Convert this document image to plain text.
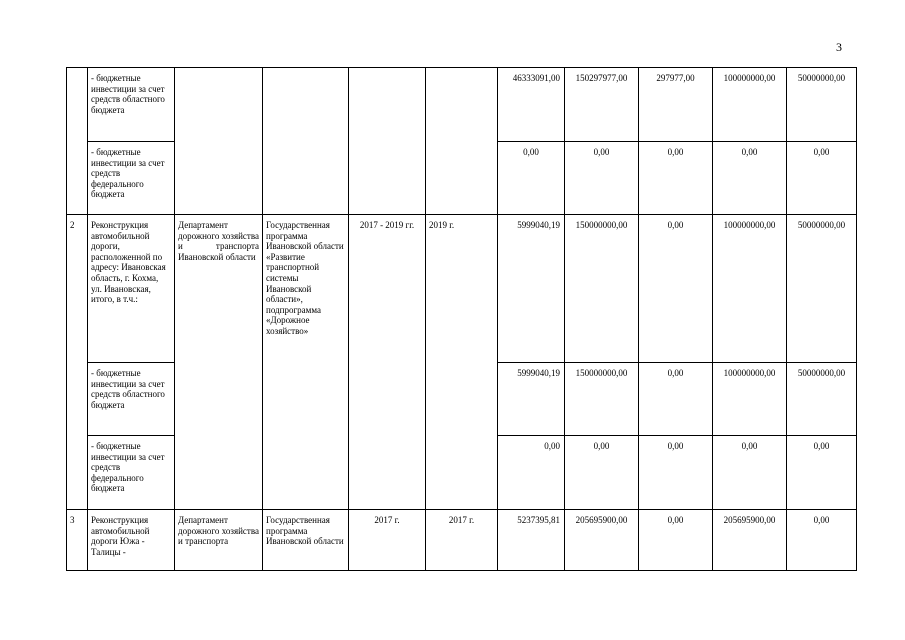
3
	- бюджетные инвестиции за счет средств областного бюджета					46333091,00	150297977,00	297977,00	100000000,00	50000000,00
	- бюджетные инвестиции за счет средств федерального бюджета					0,00	0,00	0,00	0,00	0,00
2	Реконструкция автомобильной дороги, расположенной по адресу: Ивановская область, г. Кохма, ул. Ивановская, итого, в т.ч.:	Департамент дорожного хозяйства и транспорта Ивановской области	Государственная программа Ивановской области «Развитие транспортной системы Ивановской области», подпрограмма «Дорожное хозяйство»	2017 - 2019 гг.	2019 г.	5999040,19	150000000,00	0,00	100000000,00	50000000,00
	- бюджетные инвестиции за счет средств областного бюджета					5999040,19	150000000,00	0,00	100000000,00	50000000,00
	- бюджетные инвестиции за счет средств федерального бюджета					0,00	0,00	0,00	0,00	0,00
3	Реконструкция автомобильной дороги Южа - Талицы -	Департамент дорожного хозяйства и транспорта	Государственная программа Ивановской области	2017 г.	2017 г.	5237395,81	205695900,00	0,00	205695900,00	0,00
